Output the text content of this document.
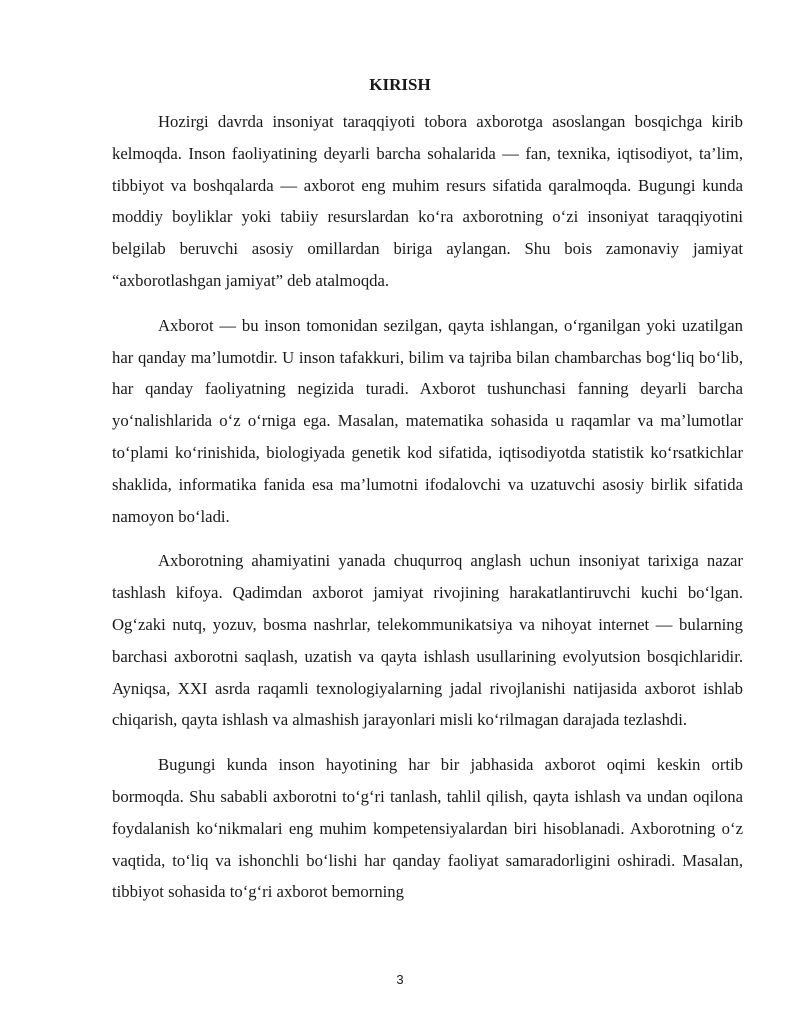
KIRISH

Hozirgi davrda insoniyat taraqqiyoti tobora axborotga asoslangan bosqichga kirib kelmoqda. Inson faoliyatining deyarli barcha sohalarida — fan, texnika, iqtisodiyot, ta’lim, tibbiyot va boshqalarda — axborot eng muhim resurs sifatida qaralmoqda. Bugungi kunda moddiy boyliklar yoki tabiiy resurslardan ko‘ra axborotning o‘zi insoniyat taraqqiyotini belgilab beruvchi asosiy omillardan biriga aylangan. Shu bois zamonaviy jamiyat “axborotlashgan jamiyat” deb atalmoqda.

Axborot — bu inson tomonidan sezilgan, qayta ishlangan, o‘rganilgan yoki uzatilgan har qanday ma’lumotdir. U inson tafakkuri, bilim va tajriba bilan chambarchas bog‘liq bo‘lib, har qanday faoliyatning negizida turadi. Axborot tushunchasi fanning deyarli barcha yo‘nalishlarida o‘z o‘rniga ega. Masalan, matematika sohasida u raqamlar va ma’lumotlar to‘plami ko‘rinishida, biologiyada genetik kod sifatida, iqtisodiyotda statistik ko‘rsatkichlar shaklida, informatika fanida esa ma’lumotni ifodalovchi va uzatuvchi asosiy birlik sifatida namoyon bo‘ladi.

Axborotning ahamiyatini yanada chuqurroq anglash uchun insoniyat tarixiga nazar tashlash kifoya. Qadimdan axborot jamiyat rivojining harakatlantiruvchi kuchi bo‘lgan. Og‘zaki nutq, yozuv, bosma nashrlar, telekommunikatsiya va nihoyat internet — bularning barchasi axborotni saqlash, uzatish va qayta ishlash usullarining evolyutsion bosqichlaridir. Ayniqsa, XXI asrda raqamli texnologiyalarning jadal rivojlanishi natijasida axborot ishlab chiqarish, qayta ishlash va almashish jarayonlari misli ko‘rilmagan darajada tezlashdi.

Bugungi kunda inson hayotining har bir jabhasida axborot oqimi keskin ortib bormoqda. Shu sababli axborotni to‘g‘ri tanlash, tahlil qilish, qayta ishlash va undan oqilona foydalanish ko‘nikmalari eng muhim kompetensiyalardan biri hisoblanadi. Axborotning o‘z vaqtida, to‘liq va ishonchli bo‘lishi har qanday faoliyat samaradorligini oshiradi. Masalan, tibbiyot sohasida to‘g‘ri axborot bemorning

3
